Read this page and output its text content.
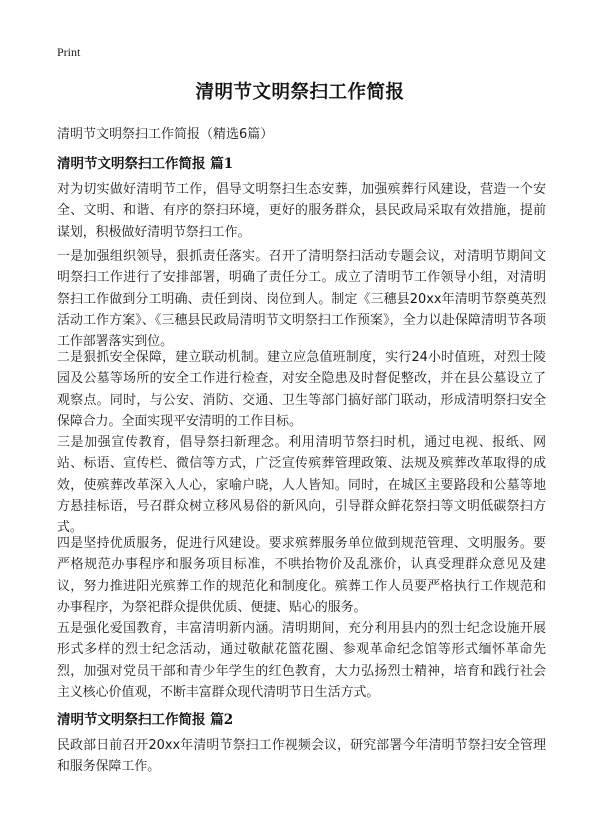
Print
清明节文明祭扫工作简报
清明节文明祭扫工作简报（精选6篇）
清明节文明祭扫工作简报 篇1
对为切实做好清明节工作，倡导文明祭扫生态安葬，加强殡葬行风建设，营造一个安全、文明、和谐、有序的祭扫环境，更好的服务群众，县民政局采取有效措施，提前谋划，积极做好清明节祭扫工作。
一是加强组织领导，狠抓责任落实。召开了清明祭扫活动专题会议，对清明节期间文明祭扫工作进行了安排部署，明确了责任分工。成立了清明节工作领导小组，对清明祭扫工作做到分工明确、责任到岗、岗位到人。制定《三穗县20xx年清明节祭奠英烈活动工作方案》、《三穗县民政局清明节文明祭扫工作预案》，全力以赴保障清明节各项工作部署落实到位。
二是狠抓安全保障，建立联动机制。建立应急值班制度，实行24小时值班，对烈士陵园及公墓等场所的安全工作进行检查，对安全隐患及时督促整改，并在县公墓设立了观察点。同时，与公安、消防、交通、卫生等部门搞好部门联动，形成清明祭扫安全保障合力。全面实现平安清明的工作目标。
三是加强宣传教育，倡导祭扫新理念。利用清明节祭扫时机，通过电视、报纸、网站、标语、宣传栏、微信等方式，广泛宣传殡葬管理政策、法规及殡葬改革取得的成效，使殡葬改革深入人心，家喻户晓，人人皆知。同时，在城区主要路段和公墓等地方悬挂标语，号召群众树立移风易俗的新风向，引导群众鲜花祭扫等文明低碳祭扫方式。
四是坚持优质服务，促进行风建设。要求殡葬服务单位做到规范管理、文明服务。要严格规范办事程序和服务项目标准，不哄抬物价及乱涨价，认真受理群众意见及建议，努力推进阳光殡葬工作的规范化和制度化。殡葬工作人员要严格执行工作规范和办事程序，为祭祀群众提供优质、便捷、贴心的服务。
五是强化爱国教育，丰富清明新内涵。清明期间，充分利用县内的烈士纪念设施开展形式多样的烈士纪念活动，通过敬献花篮花圈、参观革命纪念馆等形式缅怀革命先烈，加强对党员干部和青少年学生的红色教育，大力弘扬烈士精神，培育和践行社会主义核心价值观，不断丰富群众现代清明节日生活方式。
清明节文明祭扫工作简报 篇2
民政部日前召开20xx年清明节祭扫工作视频会议，研究部署今年清明节祭扫安全管理和服务保障工作。
